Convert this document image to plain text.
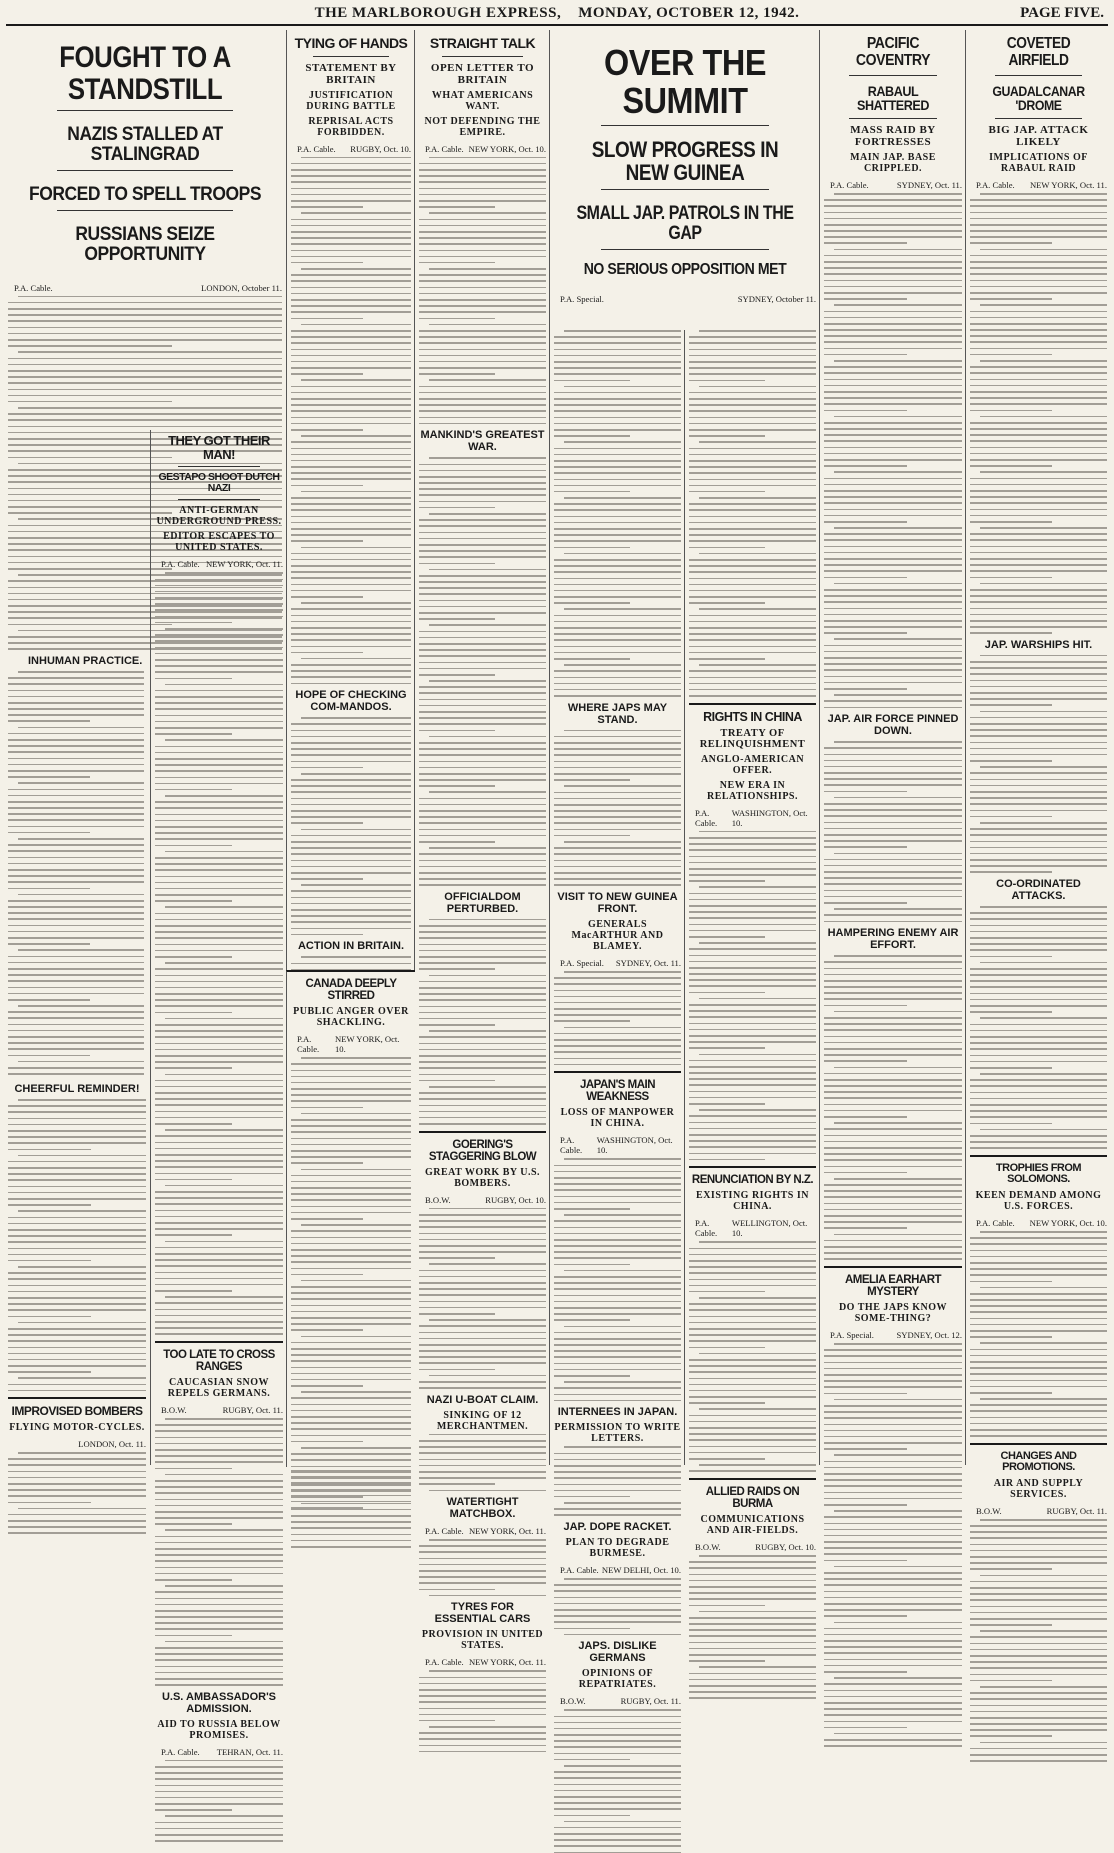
THE MARLBOROUGH EXPRESS, MONDAY, OCTOBER 12, 1942.	PAGE FIVE.
FOUGHT TO A STANDSTILL
NAZIS STALLED AT STALINGRAD
FORCED TO SPELL TROOPS
RUSSIANS SEIZE OPPORTUNITY
P.A. Cable.	LONDON, October 11.
INHUMAN PRACTICE.
TYING OF HANDS
STATEMENT BY BRITAIN
JUSTIFICATION DURING BATTLE
REPRISAL ACTS FORBIDDEN.
P.A. Cable. RUGBY, Oct. 10.
HOPE OF CHECKING COM-MANDOS.
ACTION IN BRITAIN.
THEY GOT THEIR MAN!
GESTAPO SHOOT DUTCH NAZI
ANTI-GERMAN UNDERGROUND PRESS.
EDITOR ESCAPES TO UNITED STATES.
P.A. Cable. NEW YORK, Oct. 11.
TOO LATE TO CROSS RANGES
CAUCASIAN SNOW REPELS GERMANS.
B.O.W.	RUGBY, Oct. 11.
U.S. AMBASSADOR'S ADMISSION.
AID TO RUSSIA BELOW PROMISES.
P.A. Cable. TEHRAN, Oct. 11.
STRAIGHT TALK
OPEN LETTER TO BRITAIN
WHAT AMERICANS WANT.
NOT DEFENDING THE EMPIRE.
P.A. Cable. NEW YORK, Oct. 10.
MANKIND'S GREATEST WAR.
OFFICIALDOM PERTURBED.
GOERING'S STAGGERING BLOW
GREAT WORK BY U.S. BOMBERS.
B.O.W.	RUGBY, Oct. 10.
NAZI U-BOAT CLAIM.
SINKING OF 12 MERCHANTMEN.
WATERTIGHT MATCHBOX.
P.A. Cable. NEW YORK, Oct. 11.
TYRES FOR ESSENTIAL CARS
PROVISION IN UNITED STATES.
P.A. Cable. NEW YORK, Oct. 11.
CANADA DEEPLY STIRRED
PUBLIC ANGER OVER SHACKLING.
P.A. Cable.
NEW YORK, Oct. 10.
OVER THE SUMMIT
SLOW PROGRESS IN NEW GUINEA
SMALL JAP. PATROLS IN THE GAP
NO SERIOUS OPPOSITION MET
P.A. Special.	SYDNEY, October 11.
WHERE JAPS MAY STAND.
VISIT TO NEW GUINEA FRONT.
GENERALS MacARTHUR AND BLAMEY.
P.A. Special. SYDNEY, Oct. 11.
JAPAN'S MAIN WEAKNESS
LOSS OF MANPOWER IN CHINA.
P.A. Cable.
WASHINGTON, Oct. 10.
INTERNEES IN JAPAN.
PERMISSION TO WRITE LETTERS.
JAP. DOPE RACKET.
PLAN TO DEGRADE BURMESE.
P.A. Cable. NEW DELHI, Oct. 10.
JAPS. DISLIKE GERMANS
OPINIONS OF REPATRIATES.
B.O.W.	RUGBY, Oct. 11.
RIGHTS IN CHINA
TREATY OF RELINQUISHMENT
ANGLO-AMERICAN OFFER.
NEW ERA IN RELATIONSHIPS.
P.A. Cable.
WASHINGTON, Oct. 10.
RENUNCIATION BY N.Z.
EXISTING RIGHTS IN CHINA.
P.A. Cable.
WELLINGTON, Oct. 10.
ALLIED RAIDS ON BURMA
COMMUNICATIONS AND AIR-FIELDS.
B.O.W.	RUGBY, Oct. 10.
PACIFIC COVENTRY
RABAUL SHATTERED
MASS RAID BY FORTRESSES
MAIN JAP. BASE CRIPPLED.
P.A. Cable.	SYDNEY, Oct. 11.
JAP. AIR FORCE PINNED DOWN.
HAMPERING ENEMY AIR EFFORT.
AMELIA EARHART MYSTERY
DO THE JAPS KNOW SOME-THING?
P.A. Special.	SYDNEY, Oct. 12.
COVETED AIRFIELD
GUADALCANAR 'DROME
BIG JAP. ATTACK LIKELY
IMPLICATIONS OF RABAUL RAID
P.A. Cable. NEW YORK, Oct. 11.
JAP. WARSHIPS HIT.
CO-ORDINATED ATTACKS.
TROPHIES FROM SOLOMONS.
KEEN DEMAND AMONG U.S. FORCES.
P.A. Cable. NEW YORK, Oct. 10.
CHANGES AND PROMOTIONS.
AIR AND SUPPLY SERVICES.
B.O.W.	RUGBY, Oct. 11.
CHEERFUL REMINDER!
IMPROVISED BOMBERS
FLYING MOTOR-CYCLES.
LONDON, Oct. 11.
